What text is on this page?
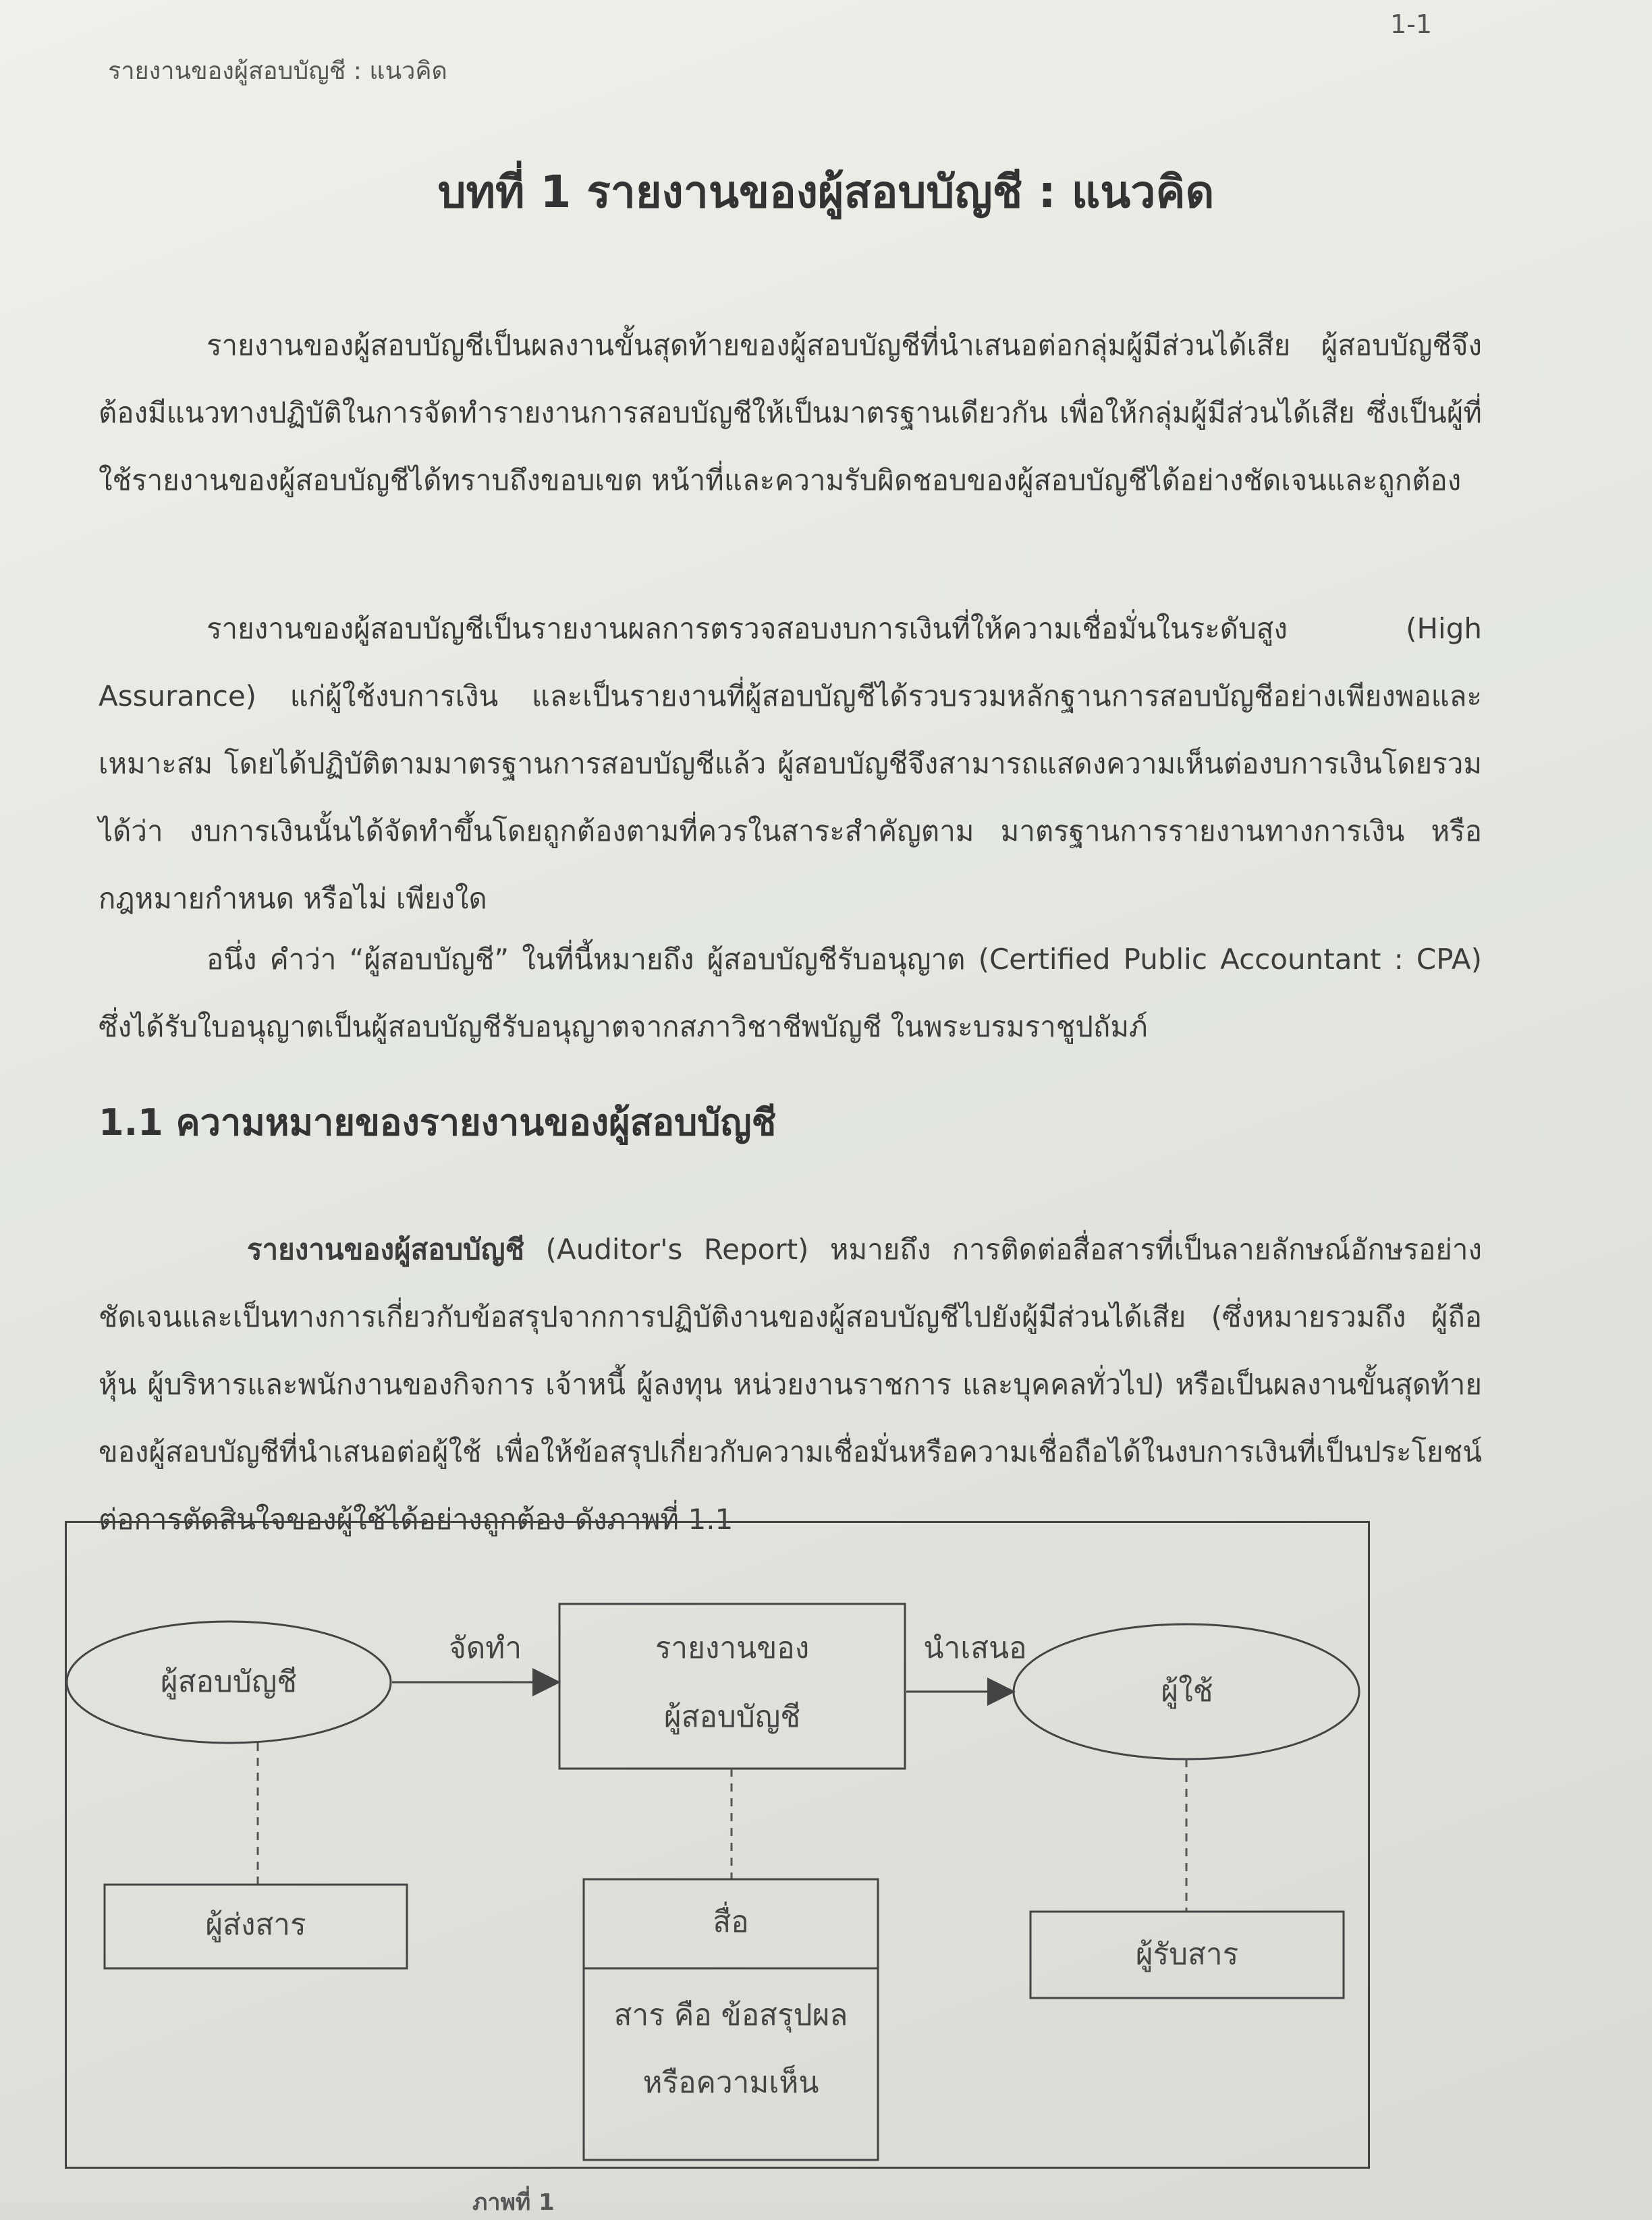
1-1
รายงานของผู้สอบบัญชี : แนวคิด
บทที่ 1 รายงานของผู้สอบบัญชี : แนวคิด

รายงานของผู้สอบบัญชีเป็นผลงานขั้นสุดท้ายของผู้สอบบัญชีที่นำเสนอต่อกลุ่มผู้มีส่วนได้เสีย ผู้สอบบัญชีจึงต้องมีแนวทางปฏิบัติในการจัดทำรายงานการสอบบัญชีให้เป็นมาตรฐานเดียวกัน เพื่อให้กลุ่มผู้มีส่วนได้เสีย ซึ่งเป็นผู้ที่ใช้รายงานของผู้สอบบัญชีได้ทราบถึงขอบเขต หน้าที่และความรับผิดชอบของผู้สอบบัญชีได้อย่างชัดเจนและถูกต้อง

รายงานของผู้สอบบัญชีเป็นรายงานผลการตรวจสอบงบการเงินที่ให้ความเชื่อมั่นในระดับสูง (High Assurance) แก่ผู้ใช้งบการเงิน และเป็นรายงานที่ผู้สอบบัญชีได้รวบรวมหลักฐานการสอบบัญชีอย่างเพียงพอและเหมาะสม โดยได้ปฏิบัติตามมาตรฐานการสอบบัญชีแล้ว ผู้สอบบัญชีจึงสามารถแสดงความเห็นต่องบการเงินโดยรวมได้ว่า งบการเงินนั้นได้จัดทำขึ้นโดยถูกต้องตามที่ควรในสาระสำคัญตาม มาตรฐานการรายงานทางการเงิน หรือกฎหมายกำหนด หรือไม่ เพียงใด

อนึ่ง คำว่า “ผู้สอบบัญชี” ในที่นี้หมายถึง ผู้สอบบัญชีรับอนุญาต (Certified Public Accountant : CPA) ซึ่งได้รับใบอนุญาตเป็นผู้สอบบัญชีรับอนุญาตจากสภาวิชาชีพบัญชี ในพระบรมราชูปถัมภ์

1.1 ความหมายของรายงานของผู้สอบบัญชี

รายงานของผู้สอบบัญชี (Auditor's Report) หมายถึง การติดต่อสื่อสารที่เป็นลายลักษณ์อักษรอย่างชัดเจนและเป็นทางการเกี่ยวกับข้อสรุปจากการปฏิบัติงานของผู้สอบบัญชีไปยังผู้มีส่วนได้เสีย (ซึ่งหมายรวมถึง ผู้ถือหุ้น ผู้บริหารและพนักงานของกิจการ เจ้าหนี้ ผู้ลงทุน หน่วยงานราชการ และบุคคลทั่วไป) หรือเป็นผลงานขั้นสุดท้ายของผู้สอบบัญชีที่นำเสนอต่อผู้ใช้ เพื่อให้ข้อสรุปเกี่ยวกับความเชื่อมั่นหรือความเชื่อถือได้ในงบการเงินที่เป็นประโยชน์ต่อการตัดสินใจของผู้ใช้ได้อย่างถูกต้อง ดังภาพที่ 1.1

ผู้สอบบัญชี
จัดทำ	รายงานของ
ผู้สอบบัญชี
นำเสนอ
ผู้ใช้
ผู้ส่งสาร	สื่อ
สาร คือ ข้อสรุปผล
หรือความเห็น
ผู้รับสาร
ภาพที่ 1
